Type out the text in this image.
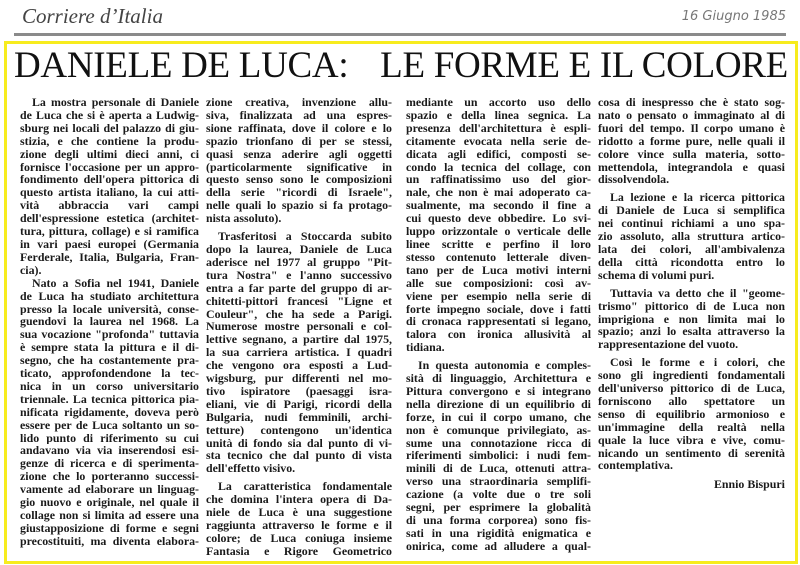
Corriere d’Italia	16 Giugno 1985
DANIELE DE LUCA: LE FORME E IL COLORE
La mostra personale di Daniele
de Luca che si è aperta a Ludwig-
sburg nei locali del palazzo di giu-
stizia, e che contiene la produ-
zione degli ultimi dieci anni, ci
fornisce l'occasione per un appro-
fondimento dell'opera pittorica di
questo artista italiano, la cui atti-
vità abbraccia vari campi
dell'espressione estetica (architet-
tura, pittura, collage) e si ramifica
in vari paesi europei (Germania
Ferderale, Italia, Bulgaria, Fran-
cia).
Nato a Sofia nel 1941, Daniele
de Luca ha studiato architettura
presso la locale università, conse-
guendovi la laurea nel 1968. La
sua vocazione "profonda" tuttavia
è sempre stata la pittura e il di-
segno, che ha costantemente pra-
ticato, approfondendone la tec-
nica in un corso universitario
triennale. La tecnica pittorica pia-
nificata rigidamente, doveva però
essere per de Luca soltanto un so-
lido punto di riferimento su cui
andavano via via inserendosi esi-
genze di ricerca e di sperimenta-
zione che lo porteranno successi-
vamente ad elaborare un linguag-
gio nuovo e originale, nel quale il
collage non si limita ad essere una
giustapposizione di forme e segni
precostituiti, ma diventa elabora-
zione creativa, invenzione allu-
siva, finalizzata ad una espres-
sione raffinata, dove il colore e lo
spazio trionfano di per se stessi,
quasi senza aderire agli oggetti
(particolarmente significative in
questo senso sono le composizioni
della serie "ricordi di Israele",
nelle quali lo spazio si fa protago-
nista assoluto).
Trasferitosi a Stoccarda subito
dopo la laurea, Daniele de Luca
aderisce nel 1977 al gruppo "Pit-
tura Nostra" e l'anno successivo
entra a far parte del gruppo di ar-
chitetti-pittori francesi "Ligne et
Couleur", che ha sede a Parigi.
Numerose mostre personali e col-
lettive segnano, a partire dal 1975,
la sua carriera artistica. I quadri
che vengono ora esposti a Lud-
wigsburg, pur differenti nel mo-
tivo ispiratore (paesaggi isra-
eliani, vie di Parigi, ricordi della
Bulgaria, nudi femminili, archi-
tetture) contengono un'identica
unità di fondo sia dal punto di vi-
sta tecnico che dal punto di vista
dell'effetto visivo.
La caratteristica fondamentale
che domina l'intera opera di Da-
niele de Luca è una suggestione
raggiunta attraverso le forme e il
colore; de Luca coniuga insieme
Fantasia e Rigore Geometrico
mediante un accorto uso dello
spazio e della linea segnica. La
presenza dell'architettura è espli-
citamente evocata nella serie de-
dicata agli edifici, composti se-
condo la tecnica del collage, con
un raffinatissimo uso del gior-
nale, che non è mai adoperato ca-
sualmente, ma secondo il fine a
cui questo deve obbedire. Lo svi-
luppo orizzontale o verticale delle
linee scritte e perfino il loro
stesso contenuto letterale diven-
tano per de Luca motivi interni
alle sue composizioni: così av-
viene per esempio nella serie di
forte impegno sociale, dove i fatti
di cronaca rappresentati si legano,
talora con ironica allusività al
tidiana.
In questa autonomia e comples-
sità di linguaggio, Architettura e
Pittura convergono e si integrano
nella direzione di un equilibrio di
forze, in cui il corpo umano, che
non è comunque privilegiato, as-
sume una connotazione ricca di
riferimenti simbolici: i nudi fem-
minili di de Luca, ottenuti attra-
verso una straordinaria semplifi-
cazione (a volte due o tre soli
segni, per esprimere la globalità
di una forma corporea) sono fis-
sati in una rigidità enigmatica e
onirica, come ad alludere a qual-
cosa di inespresso che è stato sog-
nato o pensato o immaginato al di
fuori del tempo. Il corpo umano è
ridotto a forme pure, nelle quali il
colore vince sulla materia, sotto-
mettendola, integrandola e quasi
dissolvendola.
La lezione e la ricerca pittorica
di Daniele de Luca si semplifica
nei continui richiami a uno spa-
zio assoluto, alla struttura artico-
lata dei colori, all'ambivalenza
della città ricondotta entro lo
schema di volumi puri.
Tuttavia va detto che il "geome-
trismo" pittorico di de Luca non
imprigiona e non limita mai lo
spazio; anzi lo esalta attraverso la
rappresentazione del vuoto.
Così le forme e i colori, che
sono gli ingredienti fondamentali
dell'universo pittorico di de Luca,
forniscono allo spettatore un
senso di equilibrio armonioso e
un'immagine della realtà nella
quale la luce vibra e vive, comu-
nicando un sentimento di serenità
contemplativa.
Ennio Bispuri
